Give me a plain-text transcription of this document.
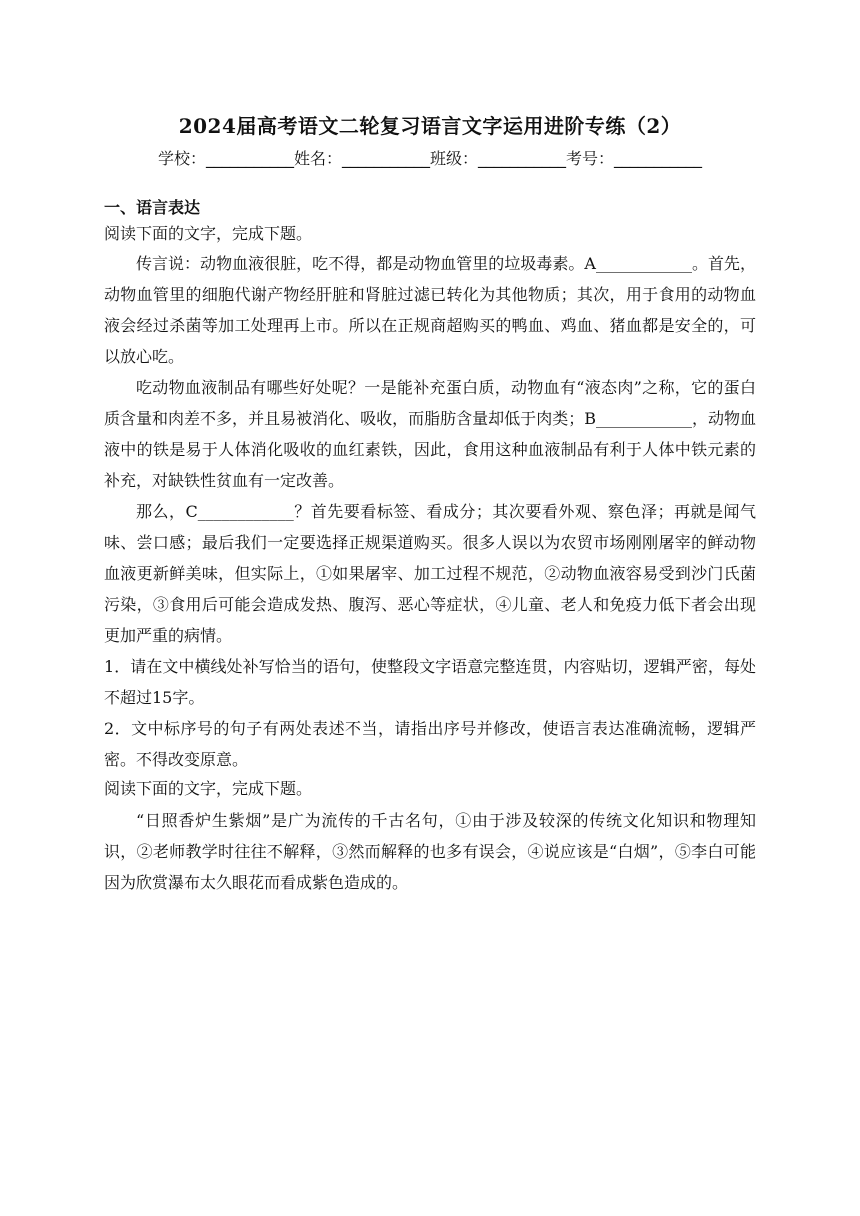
2024届高考语文二轮复习语言文字运用进阶专练（2）
学校：___________姓名：___________班级：___________考号：___________
一、语言表达

阅读下面的文字，完成下题。

传言说：动物血液很脏，吃不得，都是动物血管里的垃圾毒素。A____________。首先，动物血管里的细胞代谢产物经肝脏和肾脏过滤已转化为其他物质；其次，用于食用的动物血液会经过杀菌等加工处理再上市。所以在正规商超购买的鸭血、鸡血、猪血都是安全的，可以放心吃。

吃动物血液制品有哪些好处呢？一是能补充蛋白质，动物血有“液态肉”之称，它的蛋白质含量和肉差不多，并且易被消化、吸收，而脂肪含量却低于肉类；B____________，动物血液中的铁是易于人体消化吸收的血红素铁，因此，食用这种血液制品有利于人体中铁元素的补充，对缺铁性贫血有一定改善。

那么，C____________？首先要看标签、看成分；其次要看外观、察色泽；再就是闻气味、尝口感；最后我们一定要选择正规渠道购买。很多人误以为农贸市场刚刚屠宰的鲜动物血液更新鲜美味，但实际上，①如果屠宰、加工过程不规范，②动物血液容易受到沙门氏菌污染，③食用后可能会造成发热、腹泻、恶心等症状，④儿童、老人和免疫力低下者会出现更加严重的病情。

1．请在文中横线处补写恰当的语句，使整段文字语意完整连贯，内容贴切，逻辑严密，每处不超过15字。

2．文中标序号的句子有两处表述不当，请指出序号并修改，使语言表达准确流畅，逻辑严密。不得改变原意。

阅读下面的文字，完成下题。

“日照香炉生紫烟”是广为流传的千古名句，①由于涉及较深的传统文化知识和物理知识，②老师教学时往往不解释，③然而解释的也多有误会，④说应该是“白烟”，⑤李白可能因为欣赏瀑布太久眼花而看成紫色造成的。
